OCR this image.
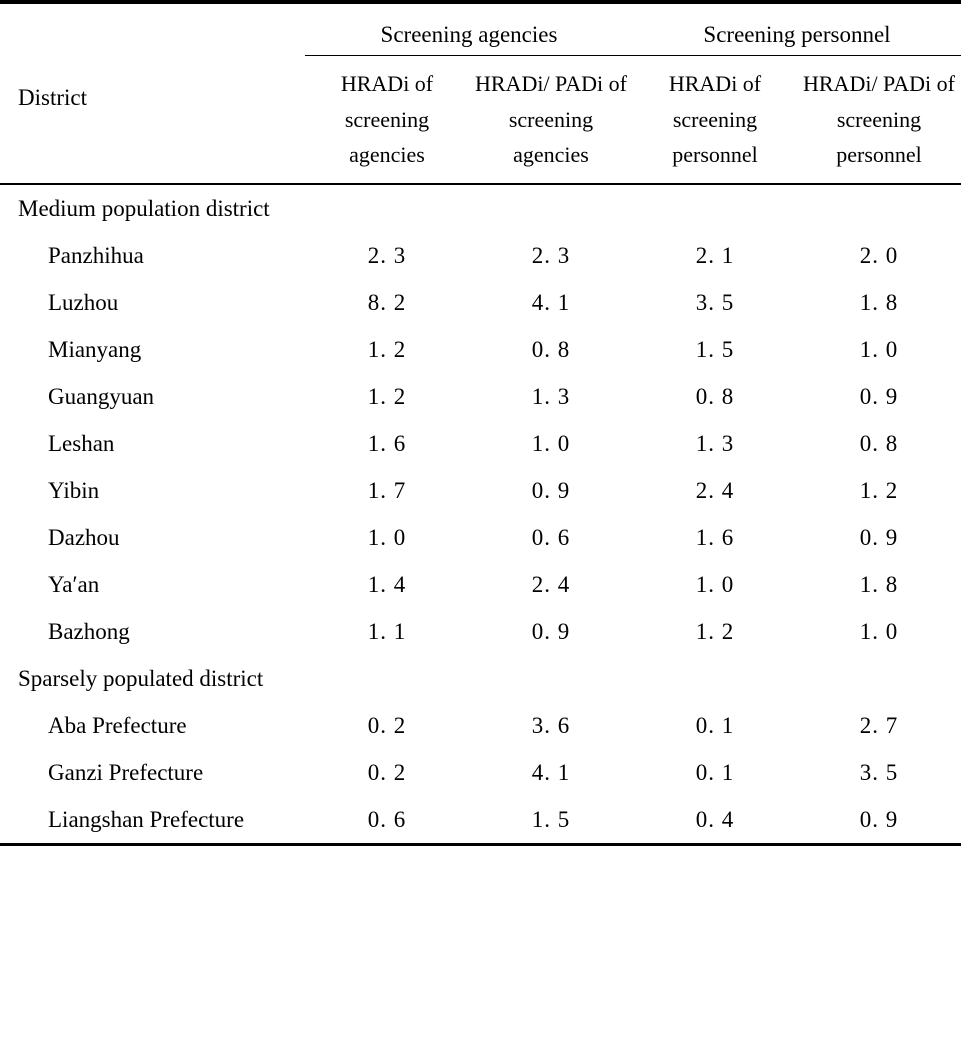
District	Screening agencies		Screening personnel	
	HRADi of screening agencies	HRADi/ PADi of screening agencies	HRADi of screening personnel	HRADi/ PADi of screening personnel

Medium population district				
Panzhihua	2. 3	2. 3	2. 1	2. 0
Luzhou	8. 2	4. 1	3. 5	1. 8
Mianyang	1. 2	0. 8	1. 5	1. 0
Guangyuan	1. 2	1. 3	0. 8	0. 9
Leshan	1. 6	1. 0	1. 3	0. 8
Yibin	1. 7	0. 9	2. 4	1. 2
Dazhou	1. 0	0. 6	1. 6	0. 9
Ya′an	1. 4	2. 4	1. 0	1. 8
Bazhong	1. 1	0. 9	1. 2	1. 0
Sparsely populated district				
Aba Prefecture	0. 2	3. 6	0. 1	2. 7
Ganzi Prefecture	0. 2	4. 1	0. 1	3. 5
Liangshan Prefecture	0. 6	1. 5	0. 4	0. 9
